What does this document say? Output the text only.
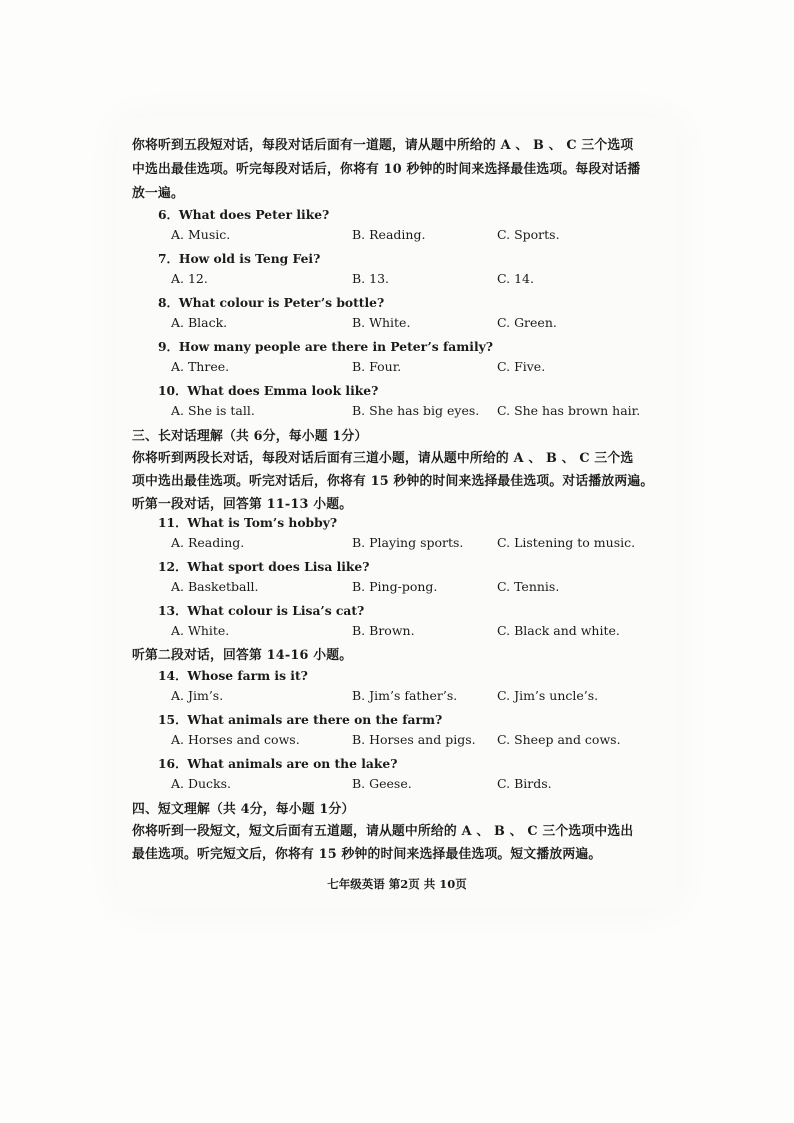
你将听到五段短对话，每段对话后面有一道题，请从题中所给的 A 、 B 、 C 三个选项
中选出最佳选项。听完每段对话后，你将有 10 秒钟的时间来选择最佳选项。每段对话播
放一遍。
6．What does Peter like?
A. Music.	B. Reading.	C. Sports.
7．How old is Teng Fei?
A. 12.	B. 13.	C. 14.
8．What colour is Peter’s bottle?
A. Black.	B. White.	C. Green.
9．How many people are there in Peter’s family?
A. Three.	B. Four.	C. Five.
10．What does Emma look like?
A. She is tall.	B. She has big eyes. C. She has brown hair.
三、长对话理解（共 6分，每小题 1分）
你将听到两段长对话，每段对话后面有三道小题，请从题中所给的 A 、 B 、 C 三个选
项中选出最佳选项。听完对话后，你将有 15 秒钟的时间来选择最佳选项。对话播放两遍。
听第一段对话，回答第 11-13 小题。
11．What is Tom’s hobby?
A. Reading.	B. Playing sports.	C. Listening to music.
12．What sport does Lisa like?
A. Basketball.	B. Ping-pong.	C. Tennis.
13．What colour is Lisa’s cat?
A. White.	B. Brown.	C. Black and white.
听第二段对话，回答第 14-16 小题。
14．Whose farm is it?
A. Jim’s.	B. Jim’s father’s.	C. Jim’s uncle’s.
15．What animals are there on the farm?
A. Horses and cows.	B. Horses and pigs. C. Sheep and cows.
16．What animals are on the lake?
A. Ducks.	B. Geese.	C. Birds.
四、短文理解（共 4分，每小题 1分）
你将听到一段短文，短文后面有五道题，请从题中所给的 A 、 B 、 C 三个选项中选出
最佳选项。听完短文后，你将有 15 秒钟的时间来选择最佳选项。短文播放两遍。
七年级英语 第2页 共 10页
